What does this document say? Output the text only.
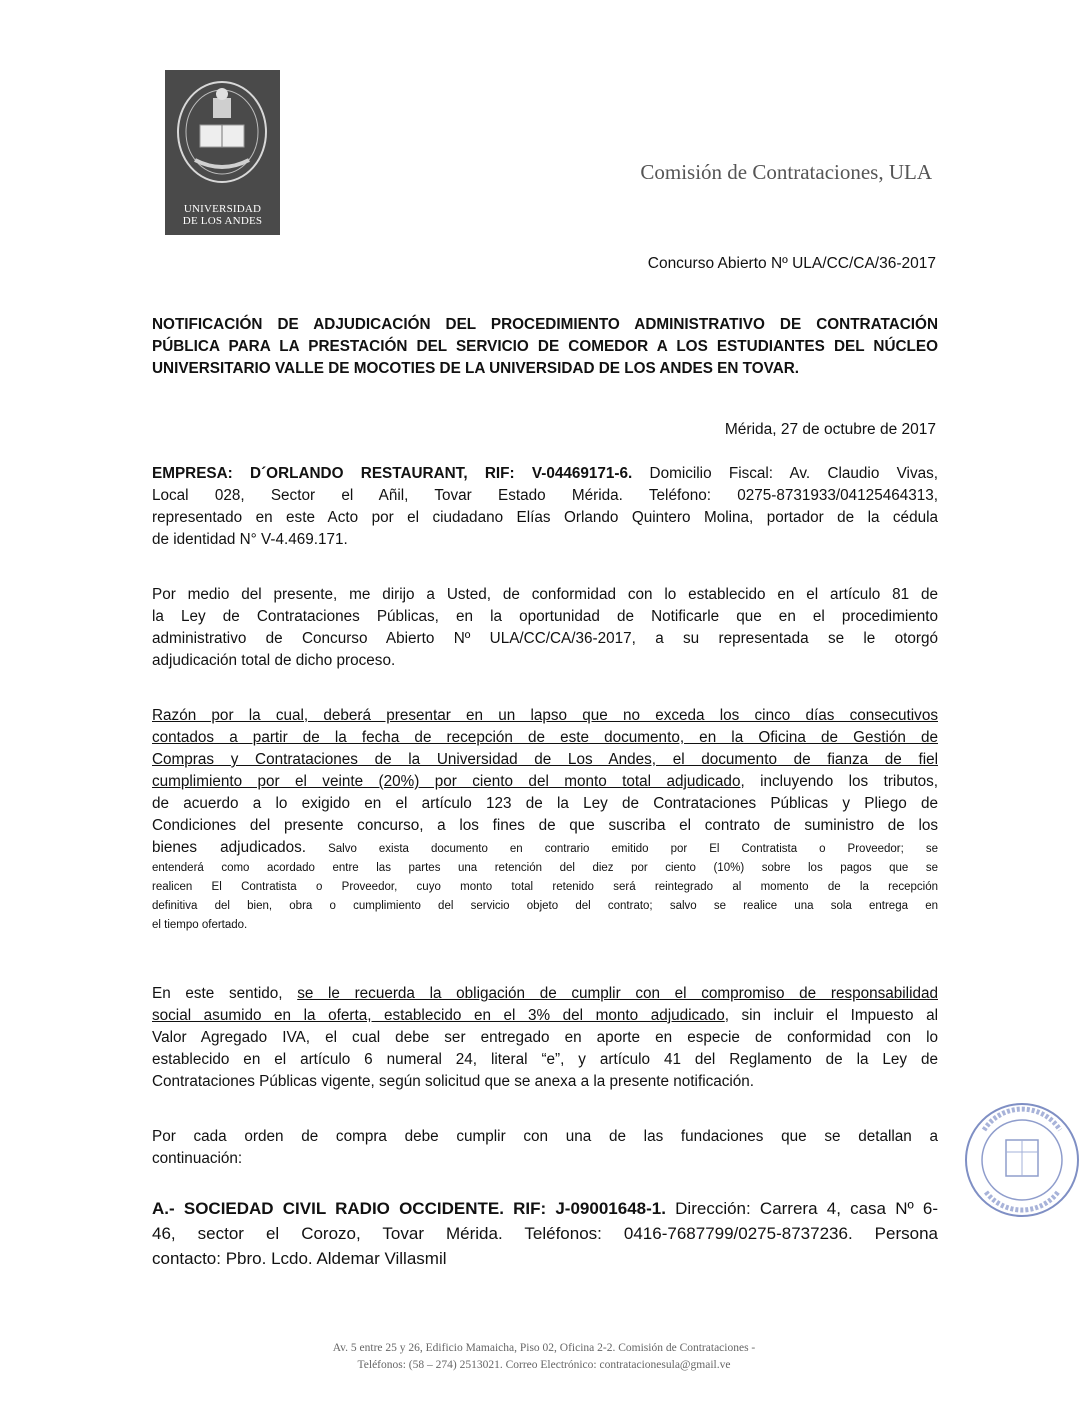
UNIVERSIDAD
DE LOS ANDES
Comisión de Contrataciones, ULA
Concurso Abierto Nº ULA/CC/CA/36-2017
NOTIFICACIÓN DE ADJUDICACIÓN DEL PROCEDIMIENTO ADMINISTRATIVO DE CONTRATACIÓN
PÚBLICA PARA LA PRESTACIÓN DEL SERVICIO DE COMEDOR A LOS ESTUDIANTES DEL NÚCLEO
UNIVERSITARIO VALLE DE MOCOTIES DE LA UNIVERSIDAD DE LOS ANDES EN TOVAR.
Mérida, 27 de octubre de 2017
EMPRESA: D´ORLANDO RESTAURANT, RIF: V-04469171-6. Domicilio Fiscal: Av. Claudio Vivas,
Local 028, Sector el Añil, Tovar Estado Mérida. Teléfono: 0275-8731933/04125464313,
representado en este Acto por el ciudadano Elías Orlando Quintero Molina, portador de la cédula
de identidad N° V-4.469.171.
Por medio del presente, me dirijo a Usted, de conformidad con lo establecido en el artículo 81 de
la Ley de Contrataciones Públicas, en la oportunidad de Notificarle que en el procedimiento
administrativo de Concurso Abierto Nº ULA/CC/CA/36-2017, a su representada se le otorgó
adjudicación total de dicho proceso.
Razón por la cual, deberá presentar en un lapso que no exceda los cinco días consecutivos
contados a partir de la fecha de recepción de este documento, en la Oficina de Gestión de
Compras y Contrataciones de la Universidad de Los Andes, el documento de fianza de fiel
cumplimiento por el veinte (20%) por ciento del monto total adjudicado, incluyendo los tributos,
de acuerdo a lo exigido en el artículo 123 de la Ley de Contrataciones Públicas y Pliego de
Condiciones del presente concurso, a los fines de que suscriba el contrato de suministro de los
bienes adjudicados. Salvo exista documento en contrario emitido por El Contratista o Proveedor; se
entenderá como acordado entre las partes una retención del diez por ciento (10%) sobre los pagos que se
realicen El Contratista o Proveedor, cuyo monto total retenido será reintegrado al momento de la recepción
definitiva del bien, obra o cumplimiento del servicio objeto del contrato; salvo se realice una sola entrega en
el tiempo ofertado.
En este sentido, se le recuerda la obligación de cumplir con el compromiso de responsabilidad
social asumido en la oferta, establecido en el 3% del monto adjudicado, sin incluir el Impuesto al
Valor Agregado IVA, el cual debe ser entregado en aporte en especie de conformidad con lo
establecido en el artículo 6 numeral 24, literal “e”, y artículo 41 del Reglamento de la Ley de
Contrataciones Públicas vigente, según solicitud que se anexa a la presente notificación.
Por cada orden de compra debe cumplir con una de las fundaciones que se detallan a
continuación:
A.- SOCIEDAD CIVIL RADIO OCCIDENTE. RIF: J-09001648-1. Dirección: Carrera 4, casa Nº 6-
46, sector el Corozo, Tovar Mérida. Teléfonos: 0416-7687799/0275-8737236. Persona
contacto: Pbro. Lcdo. Aldemar Villasmil
Av. 5 entre 25 y 26, Edificio Mamaicha, Piso 02, Oficina 2-2. Comisión de Contrataciones -
Teléfonos: (58 – 274) 2513021. Correo Electrónico: contratacionesula@gmail.ve
